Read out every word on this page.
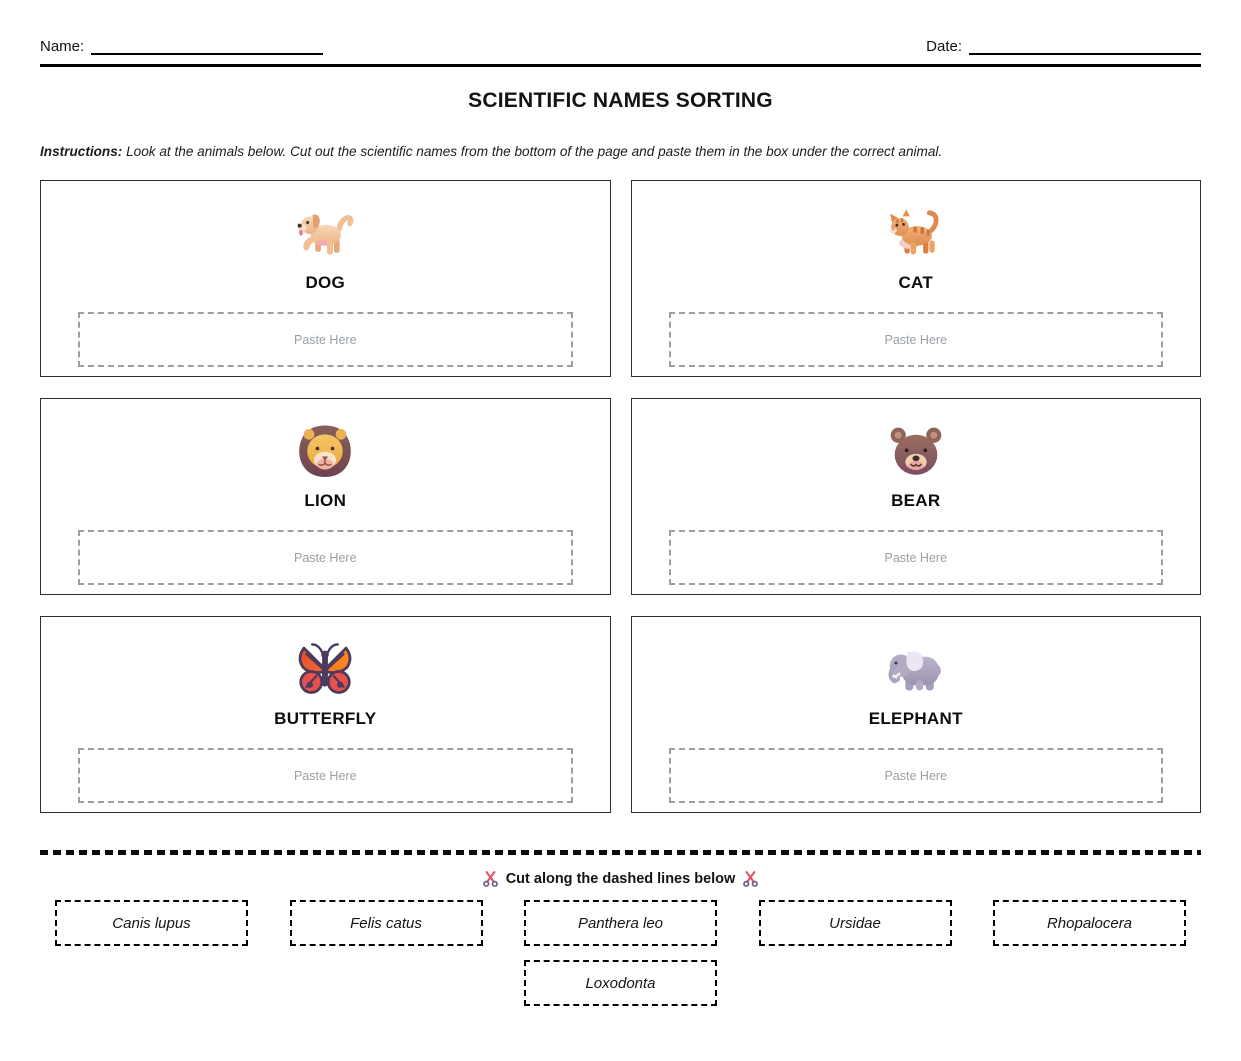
Name:	Date:
SCIENTIFIC NAMES SORTING

Instructions: Look at the animals below. Cut out the scientific names from the bottom of the page and paste them in the box under the correct animal.

DOG
Paste Here
CAT
Paste Here
LION
Paste Here
BEAR
Paste Here
BUTTERFLY
Paste Here
ELEPHANT
Paste Here
Cut along the dashed lines below
Canis lupus	Felis catus	Panthera leo	Ursidae	Rhopalocera
Loxodonta
